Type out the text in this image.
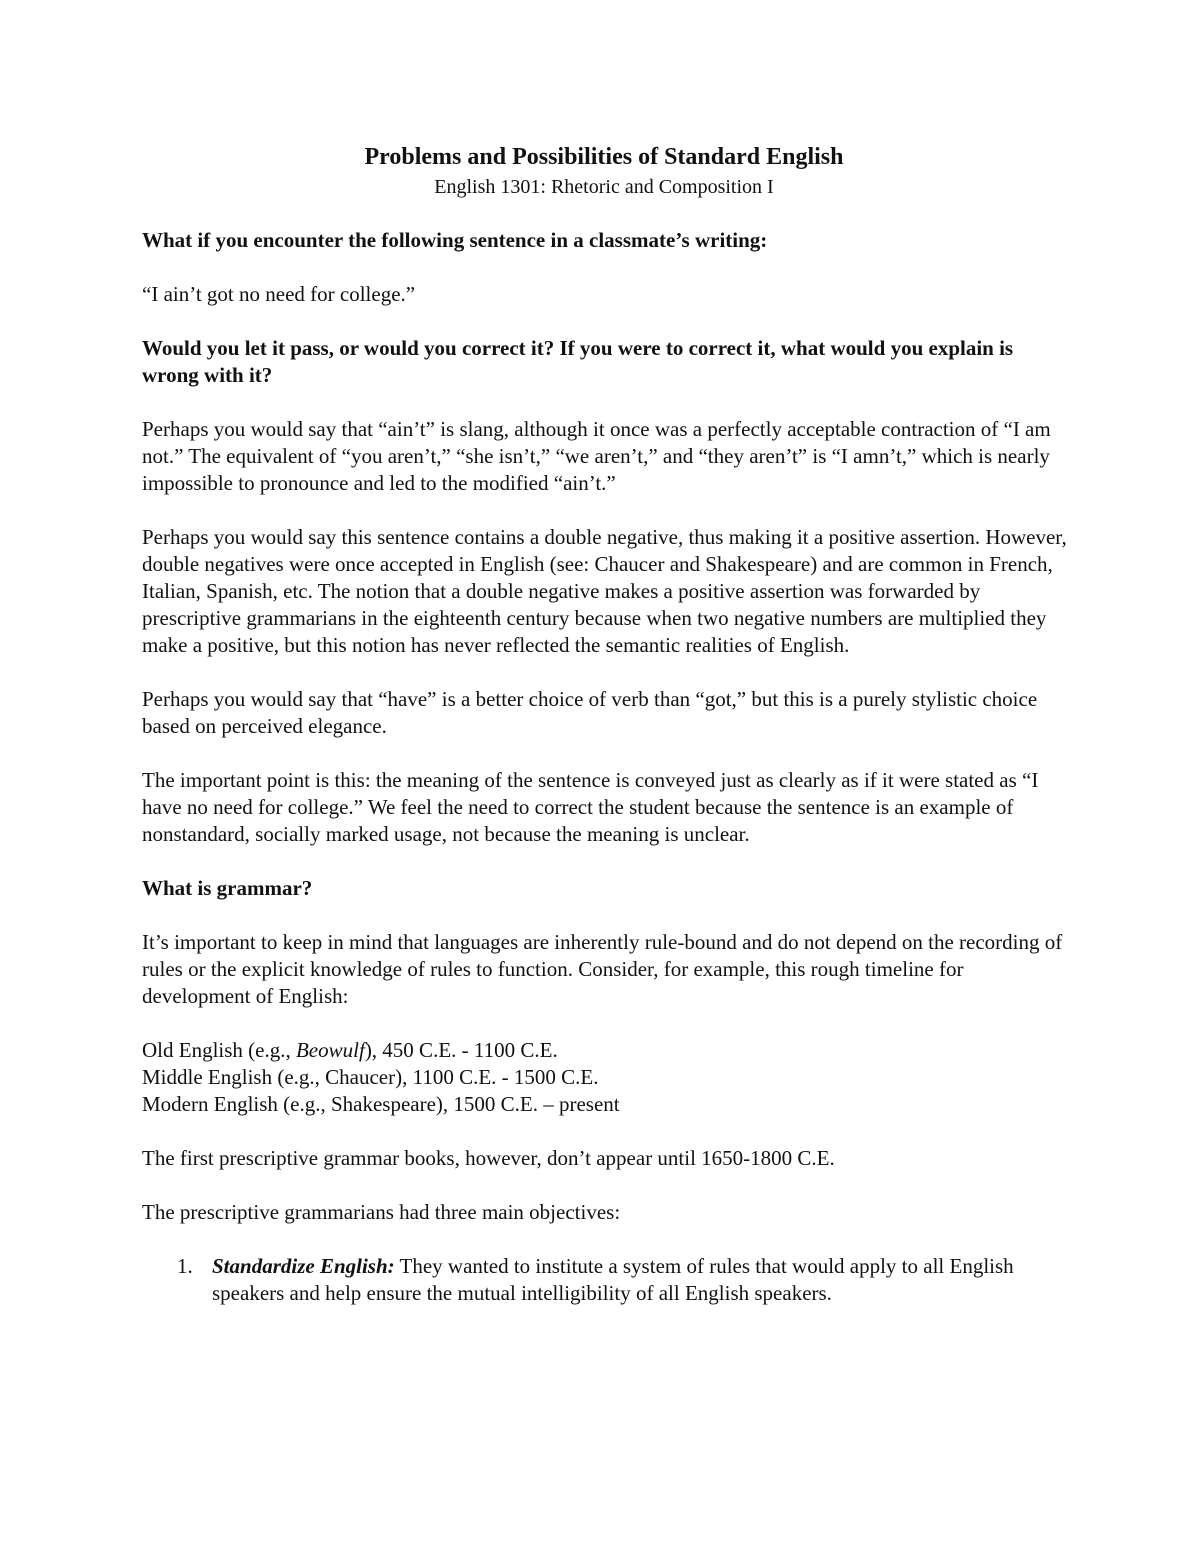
Problems and Possibilities of Standard English
English 1301: Rhetoric and Composition I

What if you encounter the following sentence in a classmate’s writing:

“I ain’t got no need for college.”

Would you let it pass, or would you correct it? If you were to correct it, what would you explain is wrong with it?

Perhaps you would say that “ain’t” is slang, although it once was a perfectly acceptable contraction of “I am not.” The equivalent of “you aren’t,” “she isn’t,” “we aren’t,” and “they aren’t” is “I amn’t,” which is nearly impossible to pronounce and led to the modified “ain’t.”

Perhaps you would say this sentence contains a double negative, thus making it a positive assertion. However, double negatives were once accepted in English (see: Chaucer and Shakespeare) and are common in French, Italian, Spanish, etc. The notion that a double negative makes a positive assertion was forwarded by prescriptive grammarians in the eighteenth century because when two negative numbers are multiplied they make a positive, but this notion has never reflected the semantic realities of English.

Perhaps you would say that “have” is a better choice of verb than “got,” but this is a purely stylistic choice based on perceived elegance.

The important point is this: the meaning of the sentence is conveyed just as clearly as if it were stated as “I have no need for college.” We feel the need to correct the student because the sentence is an example of nonstandard, socially marked usage, not because the meaning is unclear.

What is grammar?

It’s important to keep in mind that languages are inherently rule-bound and do not depend on the recording of rules or the explicit knowledge of rules to function. Consider, for example, this rough timeline for development of English:

Old English (e.g., Beowulf), 450 C.E. - 1100 C.E.
Middle English (e.g., Chaucer), 1100 C.E. - 1500 C.E.
Modern English (e.g., Shakespeare), 1500 C.E. – present

The first prescriptive grammar books, however, don’t appear until 1650-1800 C.E.

The prescriptive grammarians had three main objectives:

1. Standardize English: They wanted to institute a system of rules that would apply to all English speakers and help ensure the mutual intelligibility of all English speakers.
